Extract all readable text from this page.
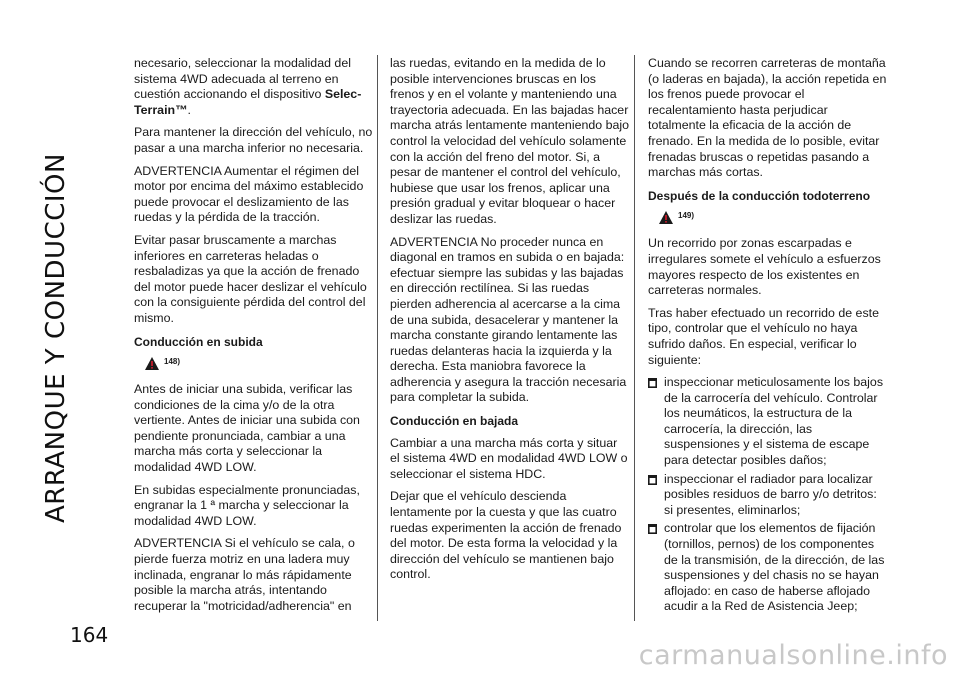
ARRANQUE Y CONDUCCIÓN
164

necesario, seleccionar la modalidad del sistema 4WD adecuada al terreno en cuestión accionando el dispositivo Selec-Terrain™.

Para mantener la dirección del vehículo, no pasar a una marcha inferior no necesaria.

ADVERTENCIA Aumentar el régimen del motor por encima del máximo establecido puede provocar el deslizamiento de las ruedas y la pérdida de la tracción.

Evitar pasar bruscamente a marchas inferiores en carreteras heladas o resbaladizas ya que la acción de frenado del motor puede hacer deslizar el vehículo con la consiguiente pérdida del control del mismo.

Conducción en subida
148)

Antes de iniciar una subida, verificar las condiciones de la cima y/o de la otra vertiente. Antes de iniciar una subida con pendiente pronunciada, cambiar a una marcha más corta y seleccionar la modalidad 4WD LOW.

En subidas especialmente pronunciadas, engranar la 1 ª marcha y seleccionar la modalidad 4WD LOW.

ADVERTENCIA Si el vehículo se cala, o pierde fuerza motriz en una ladera muy inclinada, engranar lo más rápidamente posible la marcha atrás, intentando recuperar la "motricidad/adherencia" en

las ruedas, evitando en la medida de lo posible intervenciones bruscas en los frenos y en el volante y manteniendo una trayectoria adecuada. En las bajadas hacer marcha atrás lentamente manteniendo bajo control la velocidad del vehículo solamente con la acción del freno del motor. Si, a pesar de mantener el control del vehículo, hubiese que usar los frenos, aplicar una presión gradual y evitar bloquear o hacer deslizar las ruedas.

ADVERTENCIA No proceder nunca en diagonal en tramos en subida o en bajada: efectuar siempre las subidas y las bajadas en dirección rectilínea. Si las ruedas pierden adherencia al acercarse a la cima de una subida, desacelerar y mantener la marcha constante girando lentamente las ruedas delanteras hacia la izquierda y la derecha. Esta maniobra favorece la adherencia y asegura la tracción necesaria para completar la subida.

Conducción en bajada

Cambiar a una marcha más corta y situar el sistema 4WD en modalidad 4WD LOW o seleccionar el sistema HDC.

Dejar que el vehículo descienda lentamente por la cuesta y que las cuatro ruedas experimenten la acción de frenado del motor. De esta forma la velocidad y la dirección del vehículo se mantienen bajo control.

Cuando se recorren carreteras de montaña (o laderas en bajada), la acción repetida en los frenos puede provocar el recalentamiento hasta perjudicar totalmente la eficacia de la acción de frenado. En la medida de lo posible, evitar frenadas bruscas o repetidas pasando a marchas más cortas.

Después de la conducción todoterreno
149)

Un recorrido por zonas escarpadas e irregulares somete el vehículo a esfuerzos mayores respecto de los existentes en carreteras normales.

Tras haber efectuado un recorrido de este tipo, controlar que el vehículo no haya sufrido daños. En especial, verificar lo siguiente:

inspeccionar meticulosamente los bajos de la carrocería del vehículo. Controlar los neumáticos, la estructura de la carrocería, la dirección, las suspensiones y el sistema de escape para detectar posibles daños;
inspeccionar el radiador para localizar posibles residuos de barro y/o detritos: si presentes, eliminarlos;
controlar que los elementos de fijación (tornillos, pernos) de los componentes de la transmisión, de la dirección, de las suspensiones y del chasis no se hayan aflojado: en caso de haberse aflojado acudir a la Red de Asistencia Jeep;
carmanualsonline.info
